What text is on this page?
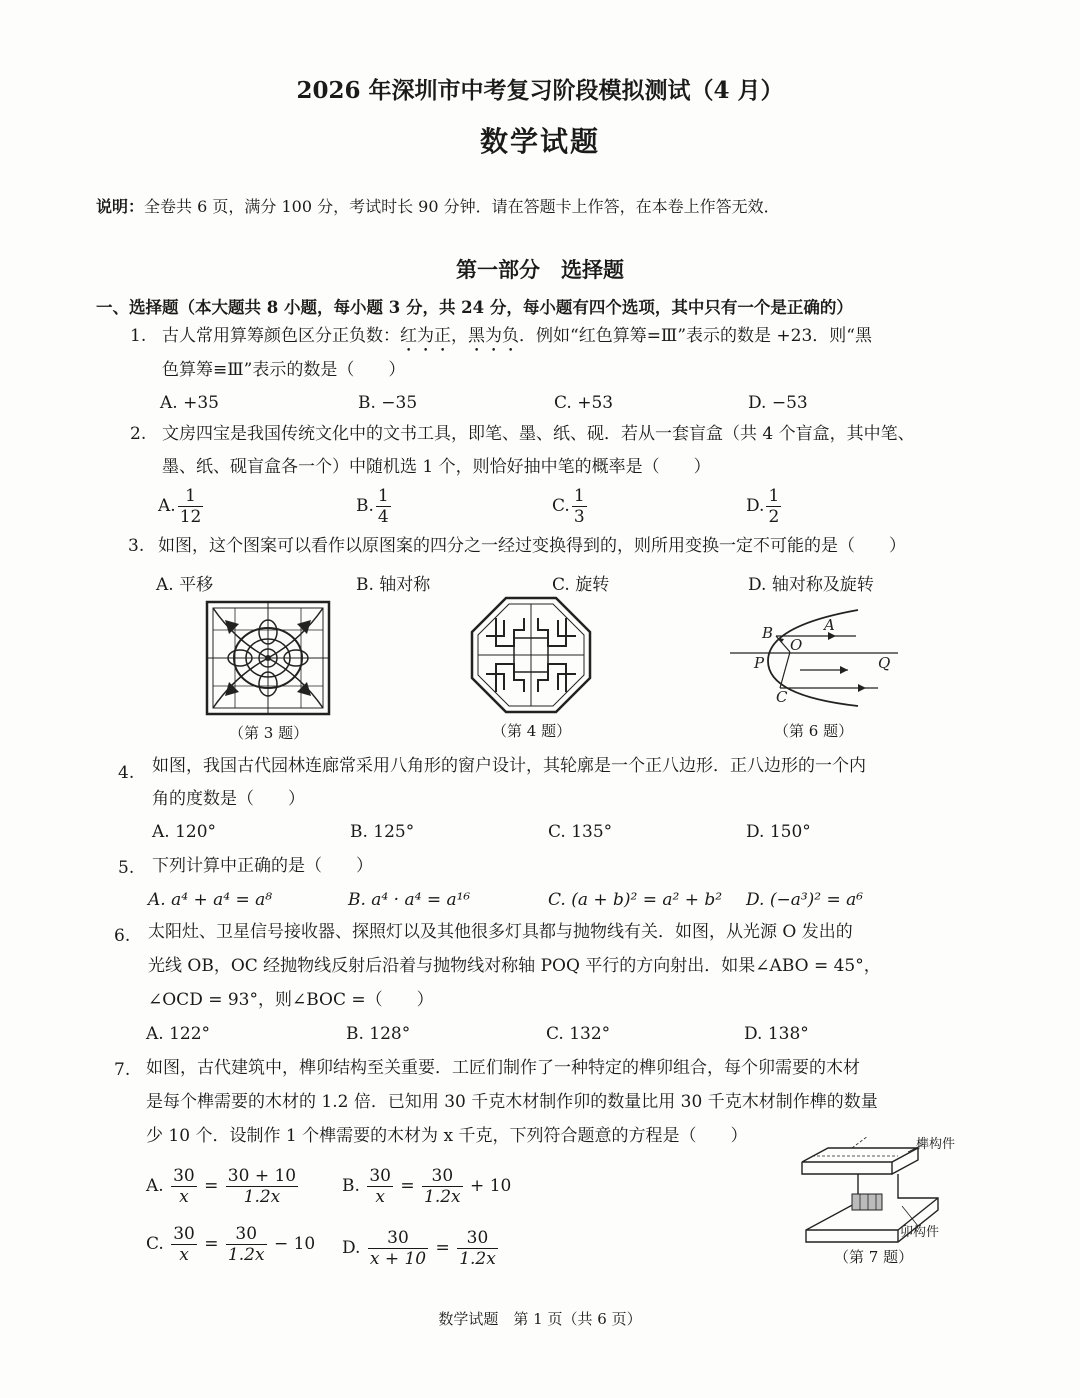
2026 年深圳市中考复习阶段模拟测试（4 月）
数学试题
说明：全卷共 6 页，满分 100 分，考试时长 90 分钟．请在答题卡上作答，在本卷上作答无效．
第一部分　选择题
一、选择题（本大题共 8 小题，每小题 3 分，共 24 分，每小题有四个选项，其中只有一个是正确的）
1. 古人常用算筹颜色区分正负数：红为正，黑为负．例如“红色算筹=Ⅲ”表示的数是 +23．则“黑
色算筹≡Ⅲ”表示的数是（　　）
A. +35	B. −35	C. +53	D. −53
2. 文房四宝是我国传统文化中的文书工具，即笔、墨、纸、砚．若从一套盲盒（共 4 个盲盒，其中笔、
墨、纸、砚盲盒各一个）中随机选 1 个，则恰好抽中笔的概率是（　　）
A. $\frac{1}{12}$	B. $\frac{1}{4}$	C. $\frac{1}{3}$	D. $\frac{1}{2}$
3. 如图，这个图案可以看作以原图案的四分之一经过变换得到的，则所用变换一定不可能的是（　　）
A. 平移	B. 轴对称	C. 旋转	D. 轴对称及旋转
（第 3 题）	（第 4 题）
B	A
O
P	Q
C
（第 6 题）
4. 如图，我国古代园林连廊常采用八角形的窗户设计，其轮廓是一个正八边形．正八边形的一个内
角的度数是（　　）
A. 120°	B. 125°	C. 135°	D. 150°
5. 下列计算中正确的是（　　）
A. a⁴ + a⁴ = a⁸	B. a⁴ · a⁴ = a¹⁶	C. (a + b)² = a² + b² D. (−a³)² = a⁶
6. 太阳灶、卫星信号接收器、探照灯以及其他很多灯具都与抛物线有关．如图，从光源 O 发出的
光线 OB，OC 经抛物线反射后沿着与抛物线对称轴 POQ 平行的方向射出．如果∠ABO = 45°，
∠OCD = 93°，则∠BOC =（　　）
A. 122°	B. 128°	C. 132°	D. 138°
7. 如图，古代建筑中，榫卯结构至关重要．工匠们制作了一种特定的榫卯组合，每个卯需要的木材
是每个榫需要的木材的 1.2 倍．已知用 30 千克木材制作卯的数量比用 30 千克木材制作榫的数量
少 10 个．设制作 1 个榫需要的木材为 x 千克，下列符合题意的方程是（　　）
A. $\frac{30}{x} = \frac{30 + 10}{1.2x}$	B. $\frac{30}{x} = \frac{30}{1.2x} + 10$
C. $\frac{30}{x} = \frac{30}{1.2x} - 10$ D. $\frac{30}{x + 10} = \frac{30}{1.2x}$
榫构件
卯构件
（第 7 题）
数学试题　第 1 页（共 6 页）
